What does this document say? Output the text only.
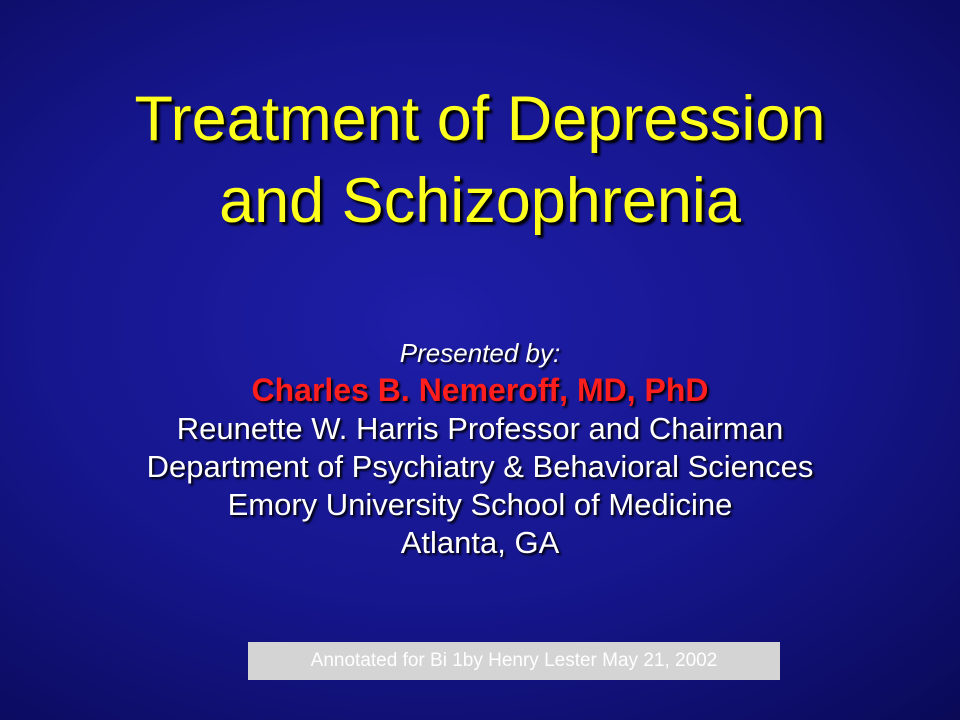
Treatment of Depression
and Schizophrenia
Presented by:
Charles B. Nemeroff, MD, PhD
Reunette W. Harris Professor and Chairman
Department of Psychiatry & Behavioral Sciences
Emory University School of Medicine
Atlanta, GA
Annotated for Bi 1by Henry Lester May 21, 2002
